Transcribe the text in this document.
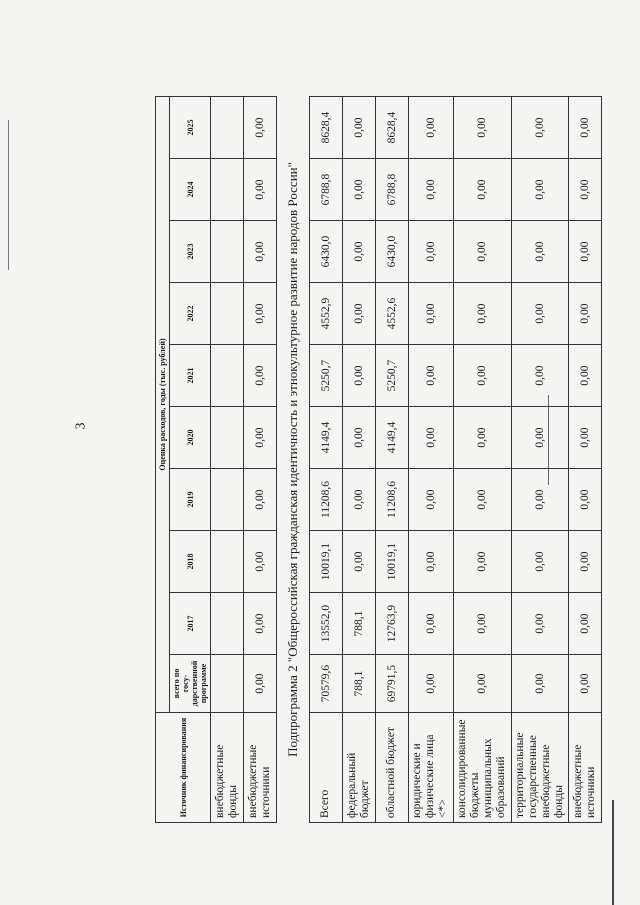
3
Источник финансирования	Оценка расходов, годы (тыс. рублей)									
	всего по госу-дарственной программе	2017	2018	2019	2020	2021	2022	2023	2024	2025
внебюджетные фонды										
внебюджетные источники	0,00	0,00	0,00	0,00	0,00	0,00	0,00	0,00	0,00	0,00
Подпрограмма 2 "Общероссийская гражданская идентичность и этнокультурное развитие народов России"										
Всего	70579,6	13552,0	10019,1	11208,6	4149,4	5250,7	4552,9	6430,0	6788,8	8628,4
федеральный бюджет	788,1	788,1	0,00	0,00	0,00	0,00	0,00	0,00	0,00	0,00
областной бюджет	69791,5	12763,9	10019,1	11208,6	4149,4	5250,7	4552,6	6430,0	6788,8	8628,4
юридические и физические лица <*>	0,00	0,00	0,00	0,00	0,00	0,00	0,00	0,00	0,00	0,00
консолидированные бюджеты муниципальных образований	0,00	0,00	0,00	0,00	0,00	0,00	0,00	0,00	0,00	0,00
территориальные государственные внебюджетные фонды	0,00	0,00	0,00	0,00	0,00	0,00	0,00	0,00	0,00	0,00
внебюджетные источники	0,00	0,00	0,00	0,00	0,00	0,00	0,00	0,00	0,00	0,00
